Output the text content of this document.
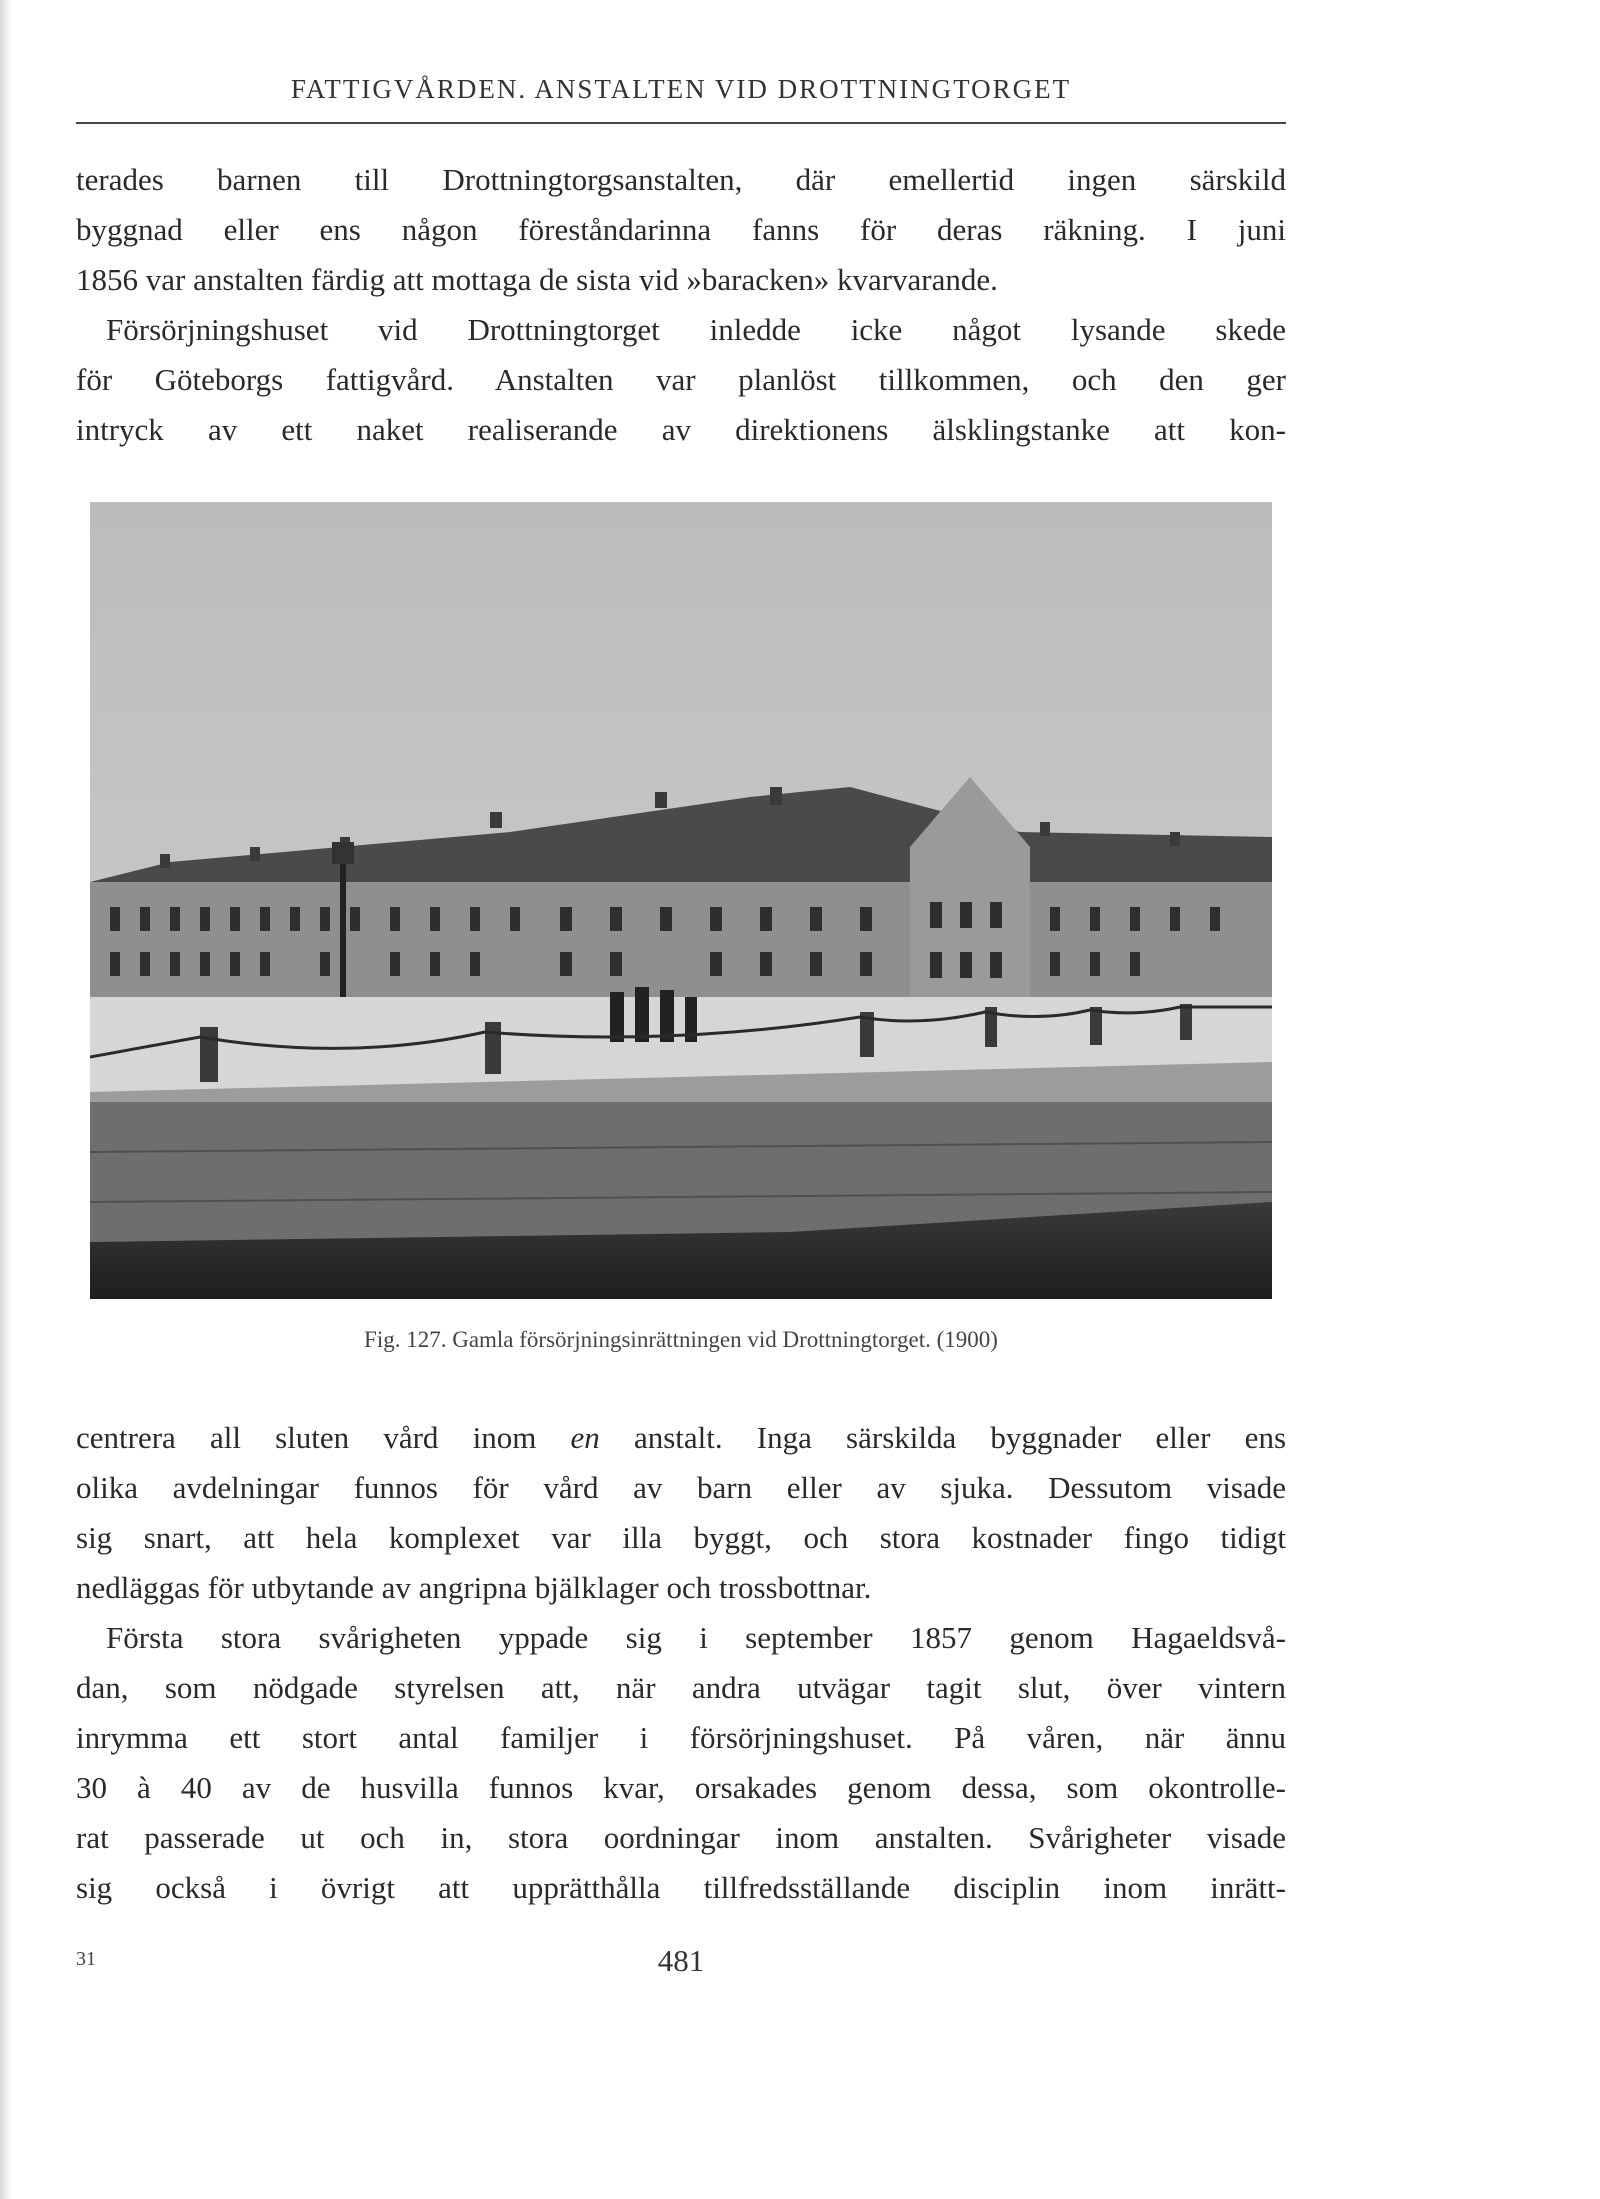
FATTIGVÅRDEN. ANSTALTEN VID DROTTNINGTORGET
terades barnen till Drottningtorgsanstalten, där emellertid ingen särskild
byggnad eller ens någon föreståndarinna fanns för deras räkning. I juni
1856 var anstalten färdig att mottaga de sista vid »baracken» kvarvarande.
Försörjningshuset vid Drottningtorget inledde icke något lysande skede
för Göteborgs fattigvård. Anstalten var planlöst tillkommen, och den ger
intryck av ett naket realiserande av direktionens älsklingstanke att kon-
Fig. 127. Gamla försörjningsinrättningen vid Drottningtorget. (1900)
centrera all sluten vård inom en anstalt. Inga särskilda byggnader eller ens
olika avdelningar funnos för vård av barn eller av sjuka. Dessutom visade
sig snart, att hela komplexet var illa byggt, och stora kostnader fingo tidigt
nedläggas för utbytande av angripna bjälklager och trossbottnar.
Första stora svårigheten yppade sig i september 1857 genom Hagaeldsvå-
dan, som nödgade styrelsen att, när andra utvägar tagit slut, över vintern
inrymma ett stort antal familjer i försörjningshuset. På våren, när ännu
30 à 40 av de husvilla funnos kvar, orsakades genom dessa, som okontrolle-
rat passerade ut och in, stora oordningar inom anstalten. Svårigheter visade
sig också i övrigt att upprätthålla tillfredsställande disciplin inom inrätt-
31	481
